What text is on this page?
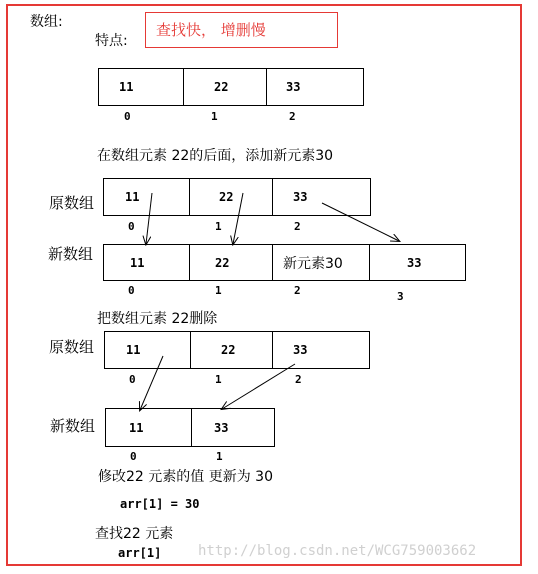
数组:
特点:
查找快， 增删慢
11	22	33
0	1	2
在数组元素 22的后面，添加新元素30
原数组	11	22	33
0	1	2
新数组	11	22	新元素30	33
0	1	2	3
把数组元素 22删除
原数组	11	22	33
0	1	2
新数组	11	33
0	1
修改22 元素的值 更新为 30
arr[1] = 30
查找22 元素
arr[1]	http://blog.csdn.net/WCG759003662
